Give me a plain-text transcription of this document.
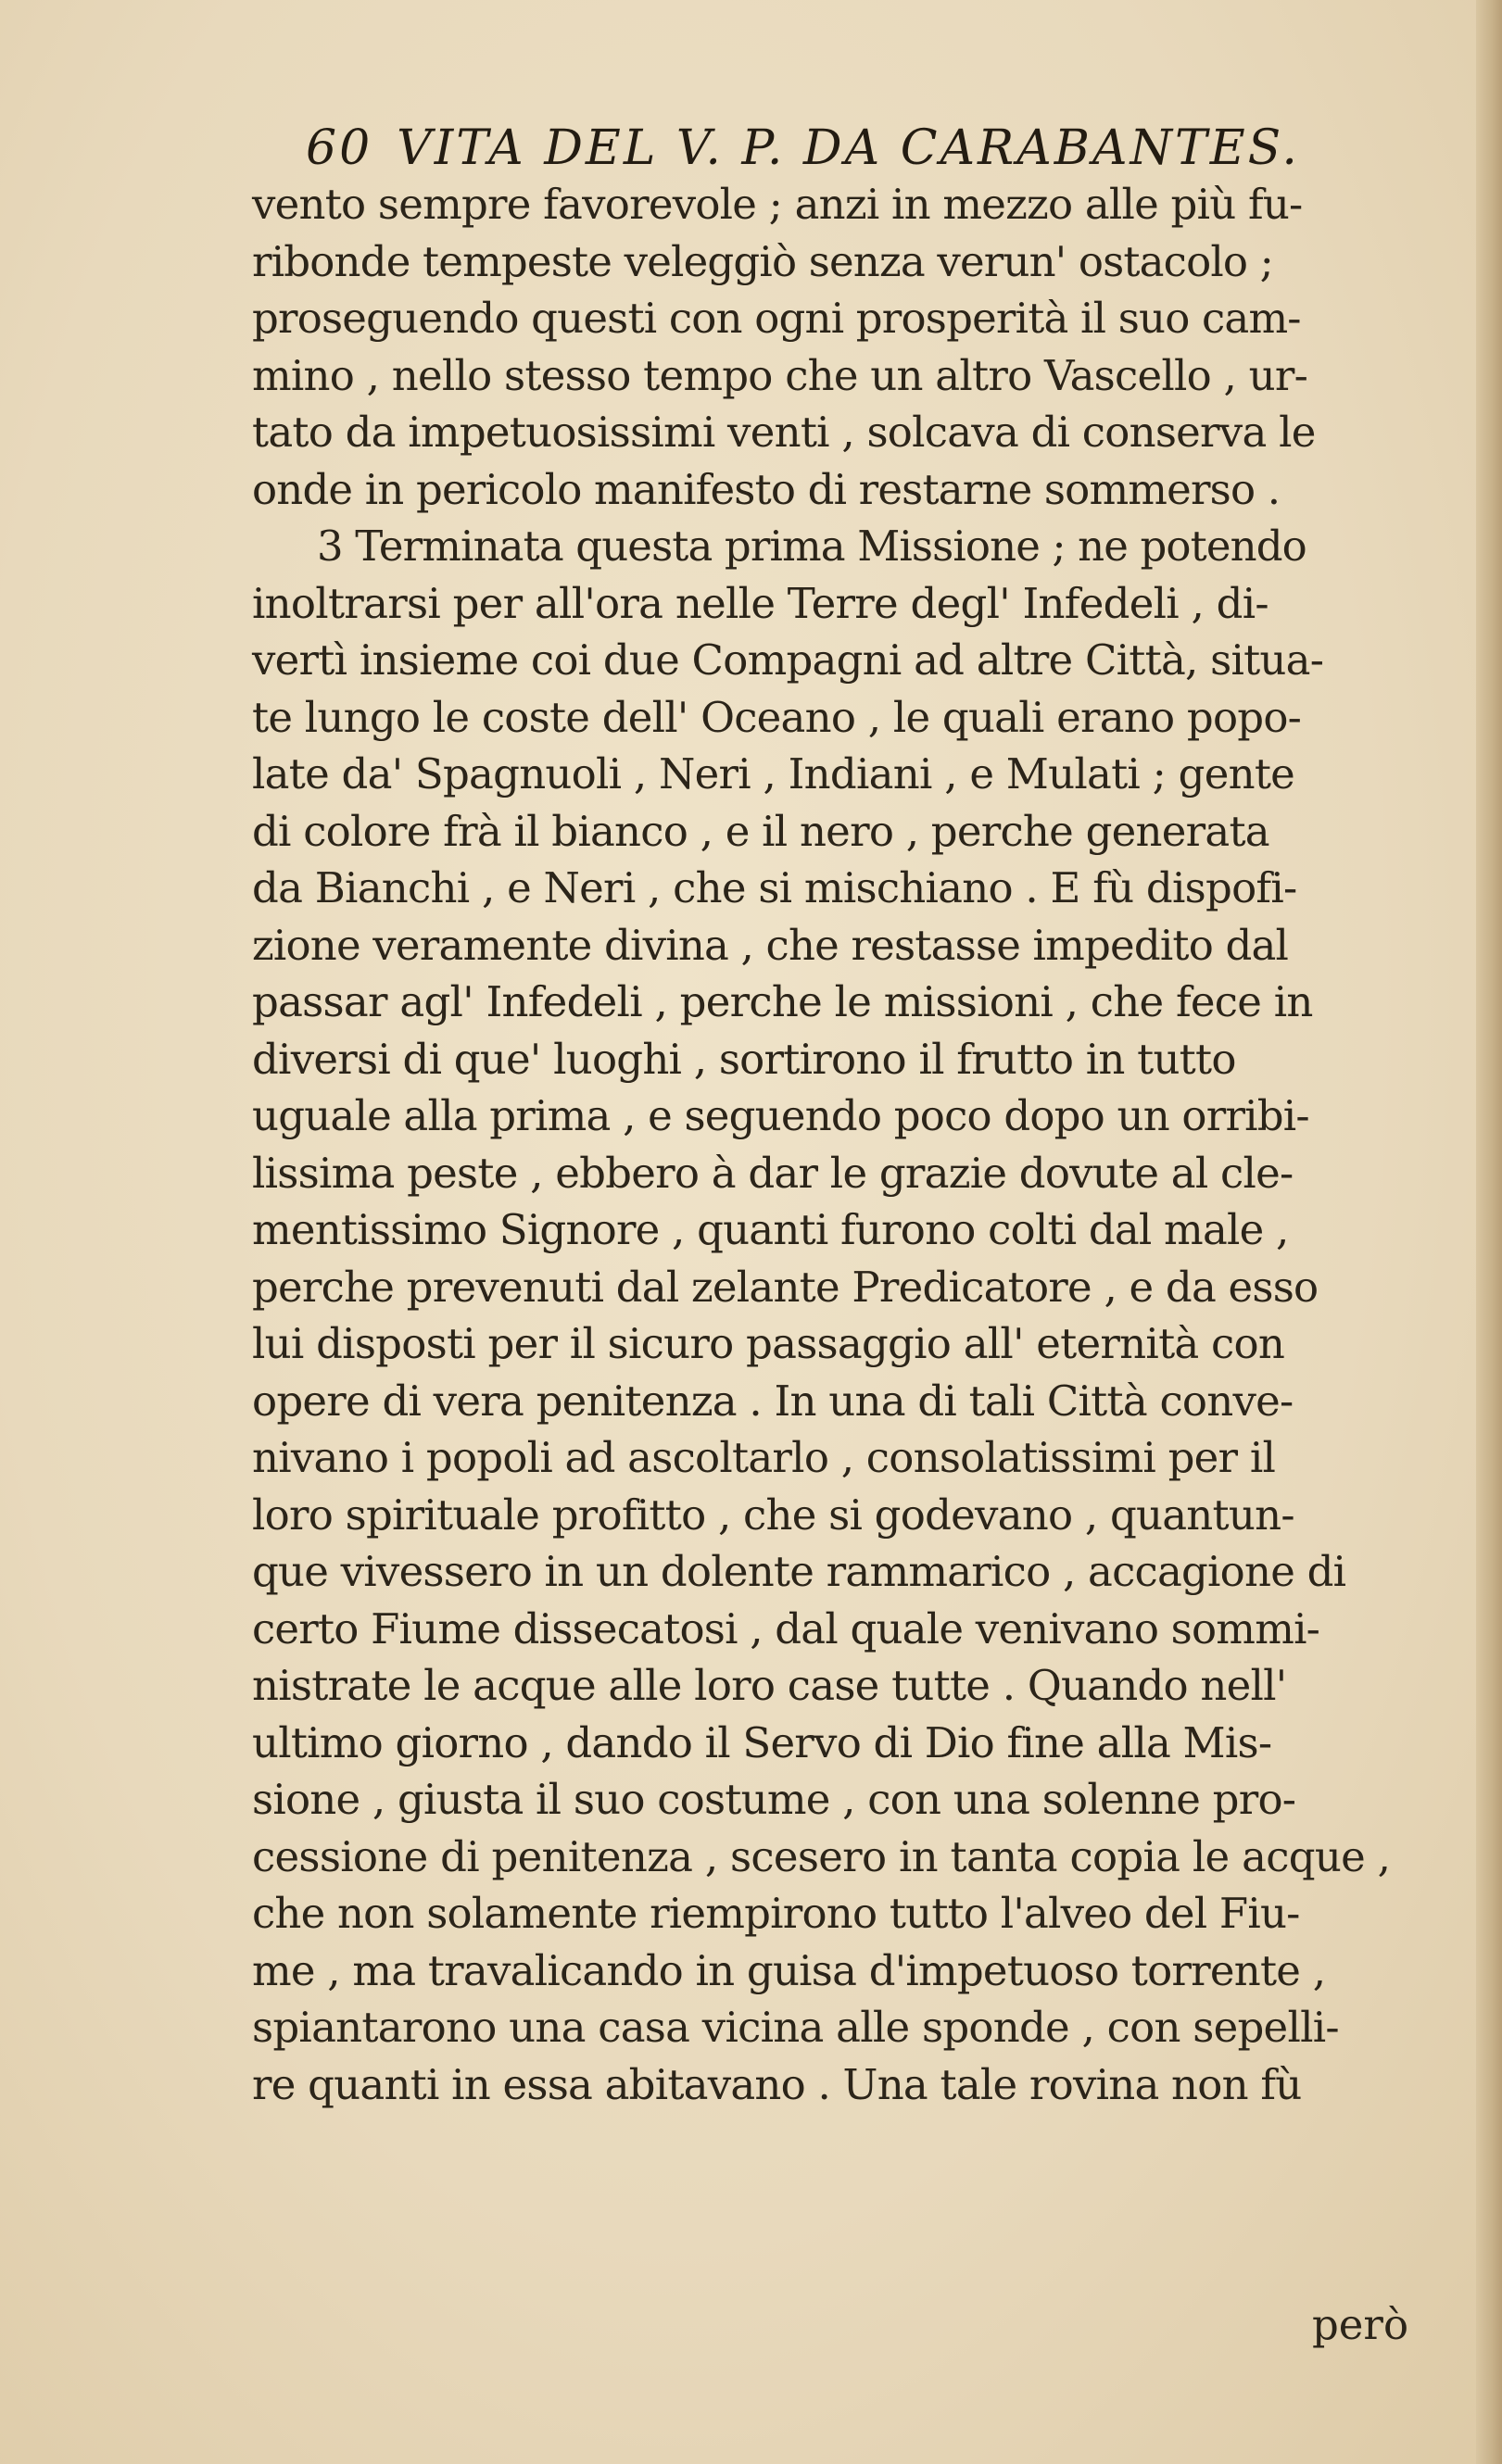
60 VITA DEL V. P. DA CARABANTES.
vento sempre favorevole ; anzi in mezzo alle più fu-
ribonde tempeste veleggiò senza verun' ostacolo ;
proseguendo questi con ogni prosperità il suo cam-
mino , nello stesso tempo che un altro Vascello , ur-
tato da impetuosissimi venti , solcava di conserva le
onde in pericolo manifesto di restarne sommerso .
3 Terminata questa prima Missione ; ne potendo
inoltrarsi per all'ora nelle Terre degl' Infedeli , di-
vertì insieme coi due Compagni ad altre Città, situa-
te lungo le coste dell' Oceano , le quali erano popo-
late da' Spagnuoli , Neri , Indiani , e Mulati ; gente
di colore frà il bianco , e il nero , perche generata
da Bianchi , e Neri , che si mischiano . E fù dispofi-
zione veramente divina , che restasse impedito dal
passar agl' Infedeli , perche le missioni , che fece in
diversi di que' luoghi , sortirono il frutto in tutto
uguale alla prima , e seguendo poco dopo un orribi-
lissima peste , ebbero à dar le grazie dovute al cle-
mentissimo Signore , quanti furono colti dal male ,
perche prevenuti dal zelante Predicatore , e da esso
lui disposti per il sicuro passaggio all' eternità con
opere di vera penitenza . In una di tali Città conve-
nivano i popoli ad ascoltarlo , consolatissimi per il
loro spirituale profitto , che si godevano , quantun-
que vivessero in un dolente rammarico , accagione di
certo Fiume dissecatosi , dal quale venivano sommi-
nistrate le acque alle loro case tutte . Quando nell'
ultimo giorno , dando il Servo di Dio fine alla Mis-
sione , giusta il suo costume , con una solenne pro-
cessione di penitenza , scesero in tanta copia le acque ,
che non solamente riempirono tutto l'alveo del Fiu-
me , ma travalicando in guisa d'impetuoso torrente ,
spiantarono una casa vicina alle sponde , con sepelli-
re quanti in essa abitavano . Una tale rovina non fù
però
